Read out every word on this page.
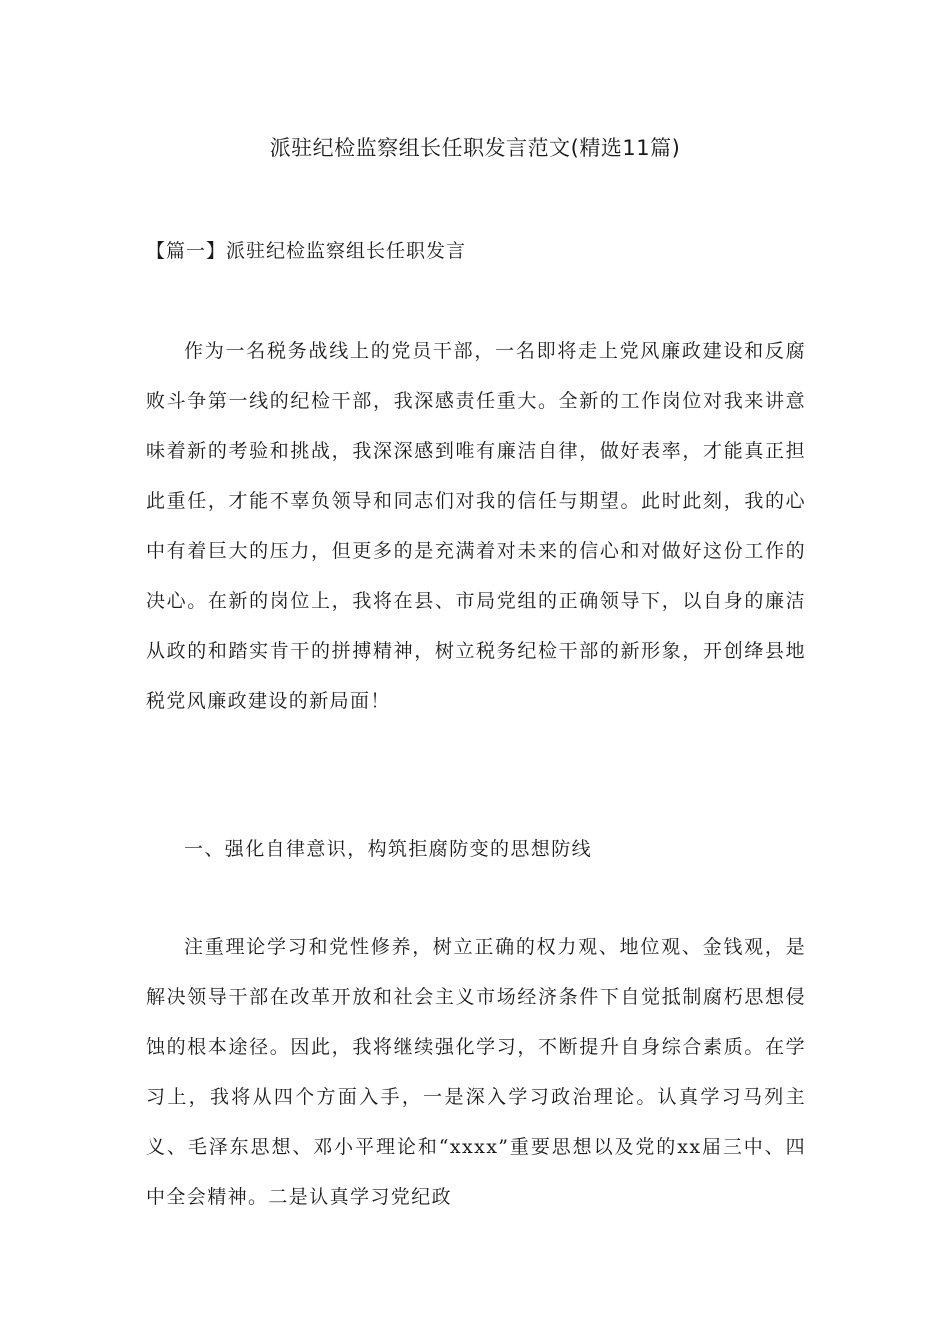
派驻纪检监察组长任职发言范文(精选11篇)
【篇一】派驻纪检监察组长任职发言

作为一名税务战线上的党员干部，一名即将走上党风廉政建设和反腐败斗争第一线的纪检干部，我深感责任重大。全新的工作岗位对我来讲意味着新的考验和挑战，我深深感到唯有廉洁自律，做好表率，才能真正担此重任，才能不辜负领导和同志们对我的信任与期望。此时此刻，我的心中有着巨大的压力，但更多的是充满着对未来的信心和对做好这份工作的决心。在新的岗位上，我将在县、市局党组的正确领导下，以自身的廉洁从政的和踏实肯干的拼搏精神，树立税务纪检干部的新形象，开创绛县地税党风廉政建设的新局面！

一、强化自律意识，构筑拒腐防变的思想防线

注重理论学习和党性修养，树立正确的权力观、地位观、金钱观，是解决领导干部在改革开放和社会主义市场经济条件下自觉抵制腐朽思想侵蚀的根本途径。因此，我将继续强化学习，不断提升自身综合素质。在学习上，我将从四个方面入手，一是深入学习政治理论。认真学习马列主义、毛泽东思想、邓小平理论和“xxxx”重要思想以及党的xx届三中、四中全会精神。二是认真学习党纪政
